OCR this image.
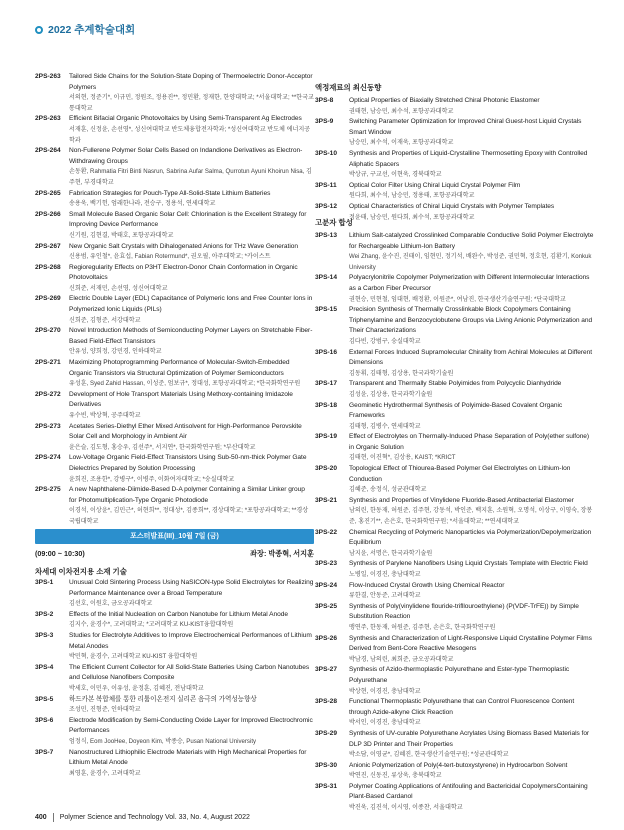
2022 추계학술대회
2PS-263	Tailored Side Chains for the Solution-State Doping of Thermoelectric Donor-Acceptor Polymers
서의현, 정준기*, 이규민, 정원조, 정용진**, 정민환, 정재한, 한양대학교; *서울대학교; **한국교통대학교
2PS-263	Efficient Bifacial Organic Photovoltaics by Using Semi-Transparent Ag Electrodes
서재훈, 신정윤, 손선영*, 성신여대학교 반도체융합전자학과; *성신여대학교 반도체 에너지공학과
2PS-264	Non-Fullerene Polymer Solar Cells Based on Indandione Derivatives as Electron-Withdrawing Groups
손동환, Rahmatia Fitri Binti Nasrun, Sabrina Aufar Salma, Qurrotun Ayuni Khoirun Nisa, 김주현, 부경대학교
2PS-265	Fabrication Strategies for Pouch-Type All-Solid-State Lithium Batteries
송용욱, 백기헌, 엄래한나라, 전승구, 정용석, 연세대학교
2PS-266	Small Molecule Based Organic Solar Cell: Chlorination is the Excellent Strategy for Improving Device Performance
신기원, 김현결, 박태호, 포항공과대학교
2PS-267	New Organic Salt Crystals with Dihalogenated Anions for THz Wave Generation
신용범, 유인철*, 윤효섭, Fabian Rotermund*, 권오필, 아주대학교; *카이스트
2PS-268	Regioregularity Effects on P3HT Electron-Donor Chain Conformation in Organic Photovoltaics
신희준, 서재민, 손선영, 성신여대학교
2PS-269	Electric Double Layer (EDL) Capacitance of Polymeric Ions and Free Counter Ions in Polymerized Ionic Liquids (PILs)
신희준, 김형준, 서강대학교
2PS-270	Novel Introduction Methods of Semiconducting Polymer Layers on Stretchable Fiber-Based Field-Effect Transistors
안유성, 양희정, 강민경, 인하대학교
2PS-271	Maximizing Photoprogramming Performance of Molecular-Switch-Embedded Organic Transistors via Structural Optimization of Polymer Semiconductors
유성훈, Syed Zahid Hassan, 이성준, 엄보규*, 정대성, 포항공과대학교; *한국화학연구원
2PS-272	Development of Hole Transport Materials Using Methoxy-containing Imidazole Derivatives
유수빈, 박상혁, 공주대학교
2PS-273	Acetates Series-Diethyl Ether Mixed Antisolvent for High-Performance Perovskite Solar Cell and Morphology in Ambient Air
윤은슬, 김도형, 홍승우, 김선주*, 서지연*, 한국화학연구원; *부산대학교
2PS-274	Low-Voltage Organic Field-Effect Transistors Using Sub-50-nm-thick Polymer Gate Dielectrics Prepared by Solution Processing
윤희진, 조용한*, 강병구*, 이병주, 이화여자대학교; *숭실대학교
2PS-275	A new Naphthalene-Diimide-Based D-A polymer Containing a Similar Linker group for Photomultiplication-Type Organic Photodiode
이경석, 이상윤*, 김민근*, 허현희**, 정대성*, 김종희**, 경상대학교; *포항공과대학교; **경상국립대학교
포스터발표(III)_10월 7일 (금)
(09:00 ~ 10:30)	좌장: 박종혁, 서지훈
차세대 이차전지용 소재 기술
3PS-1	Unusual Cold Sintering Process Using NaSICON-type Solid Electrolytes for Realizing Performance Maintenance over a Broad Temperature
김선호, 이원호, 금오공과대학교
3PS-2	Effects of the Initial Nucleation on Carbon Nanotube for Lithium Metal Anode
김지수, 윤경수*, 고려대학교; *고려대학교 KU-KIST융합대학원
3PS-3	Studies for Electrolyte Additives to Improve Electrochemical Performances of Lithium Metal Anodes
박민혁, 윤경수, 고려대학교 KU-KIST 융합대학원
3PS-4	The Efficient Current Collector for All Solid-State Batteries Using Carbon Nanotubes and Cellulose Nanofibers Composite
박세호, 이민우, 이유성, 윤정훈, 김혜진, 전남대학교
3PS-5	하드카본 복합체를 통한 리튬이온전지 실리콘 음극의 가역성능향상
조성민, 진형준, 인하대학교
3PS-6	Electrode Modification by Semi-Conducting Oxide Layer for Improved Electrochromic Performances
엄정식, Eom JooHee, Doyeon Kim, 박종승, Pusan National University
3PS-7	Nanostructured Lithiophilic Electrode Materials with High Mechanical Properties for Lithium Metal Anode
최영훈, 윤경수, 고려대학교
액정재료의 최신동향
3PS-8	Optical Properties of Biaxially Stretched Chiral Photonic Elastomer
권태현, 남승민, 최수석, 포항공과대학교
3PS-9	Switching Parameter Optimization for Improved Chiral Guest-host Liquid Crystals Smart Window
남승민, 최수석, 이재욱, 포항공과대학교
3PS-10	Synthesis and Properties of Liquid-Crystalline Thermosetting Epoxy with Controlled Aliphatic Spacers
박상규, 구교선, 이현욱, 경북대학교
3PS-11	Optical Color Filter Using Chiral Liquid Crystal Polymer Film
원다희, 최수석, 남승민, 정용태, 포항공과대학교
3PS-12	Optical Characteristics of Chiral Liquid Crystals with Polymer Templates
정윤태, 남승민, 원다희, 최수석, 포항공과대학교
고분자 합성
3PS-13	Lithium Salt-catalyzed Crosslinked Comparable Conductive Solid Polymer Electrolyte for Rechargeable Lithium-Ion Battery
Wei Zhang, 윤수진, 진태이, 임현민, 정기석, 배완수, 박성준, 권민혁, 정호현, 김환기, Konkuk University
3PS-14	Polyacrylonitrile Copolymer Polymerization with Different Intermolecular Interactions as a Carbon Fiber Precursor
권현승, 민현철, 임대현, 배정환, 이원준*, 여남진, 한국생산기술연구원; *단국대학교
3PS-15	Precision Synthesis of Thermally Crosslinkable Block Copolymers Containing Triphenylamine and Benzocyclobutene Groups via Living Anionic Polymerization and Their Characterizations
김다빈, 강범구, 숭실대학교
3PS-16	External Forces Induced Supramolecular Chirality from Achiral Molecules at Different Dimensions
김동휘, 김태형, 김상용, 한국과학기술원
3PS-17	Transparent and Thermally Stable Polyimides from Polycyclic Dianhydride
김성윤, 김상용, 한국과학기술원
3PS-18	Geominetic Hydrothermal Synthesis of Polyimide-Based Covalent Organic Frameworks
김태형, 김병수, 연세대학교
3PS-19	Effect of Electrolytes on Thermally-Induced Phase Separation of Poly(ether sulfone) in Organic Solution
김태현, 이진혁*, 김상용, KAIST; *KRICT
3PS-20	Topological Effect of Thiourea-Based Polymer Gel Electrolytes on Lithium-Ion Conduction
김혜준, 송정식, 성균관대학교
3PS-21	Synthesis and Properties of Vinylidene Fluoride-Based Antibacterial Elastomer
남의린, 한동재, 허원준, 김주현, 강동석, 박인준, 백지훈, 소원혁, 오명석, 이상구, 이영숙, 장봉준, 홍진기**, 손은호, 한국화학연구원; *서울대학교; **연세대학교
3PS-22	Chemical Recycling of Polymeric Nanoparticles via Polymerization/Depolymerization Equilibrium
남지윤, 서명은, 한국과학기술원
3PS-23	Synthesis of Parylene Nanofibers Using Liquid Crystals Template with Electric Field
노병일, 이경진, 충남대학교
3PS-24	Flow-Induced Crystal Growth Using Chemical Reactor
류한결, 안동준, 고려대학교
3PS-25	Synthesis of Poly(vinylidene flouride-trifllouroethylene) (P(VDF-TrFE)) by Simple Substitution Reaction
맹연주, 한동재, 허원준, 김주현, 손은호, 한국화학연구원
3PS-26	Synthesis and Characterization of Light-Responsive Liquid Crystalline Polymer Films Derived from Bent-Core Reactive Mesogens
박남경, 남의린, 최희준, 금오공과대학교
3PS-27	Synthesis of Azido-thermoplastic Polyurethane and Ester-type Thermoplastic Polyurethane
박상현, 이경진, 충남대학교
3PS-28	Functional Thermoplastic Polyurethane that can Control Fluorescence Content through Azide-alkyne Click Reaction
박서인, 이경진, 충남대학교
3PS-29	Synthesis of UV-curable Polyurethane Acrylates Using Biomass Based Materials for DLP 3D Printer and Their Properties
박소담, 이영균*, 김혜진, 한국생산기술연구원; *성균관대학교
3PS-30	Anionic Polymerization of Poly(4-tert-butoxystyrene) in Hydrocarbon Solvent
박연진, 신동진, 류상욱, 충북대학교
3PS-31	Polymer Coating Applications of Antifouling and Bactericidal CopolymersContaining Plant-Based Cardanol
박진욱, 김진석, 이시영, 이종찬, 서울대학교
400 Polymer Science and Technology Vol. 33, No. 4, August 2022
